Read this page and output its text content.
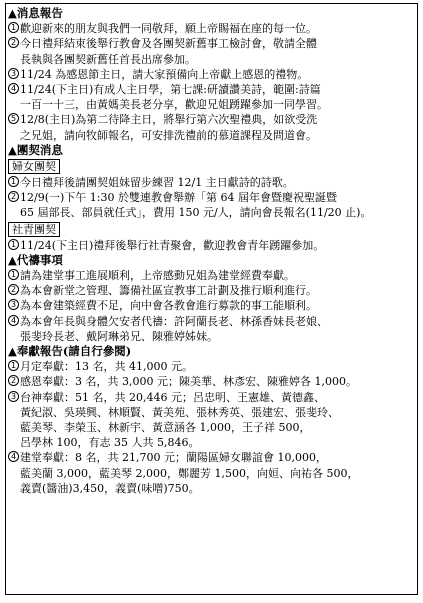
▲消息報告
1 歡迎新來的朋友與我們一同敬拜，願上帝賜福在座的每一位。
2 今日禮拜結束後舉行教會及各團契新舊事工檢討會，敬請全體
長執與各團契新舊任首長出席參加。
3 11/24 為感恩節主日，請大家預備向上帝獻上感恩的禮物。
4 11/24(下主日)有成人主日學，第七課:研讀讚美詩，範圍:詩篇
一百一十三，由黃媽美長老分享，歡迎兄姐踴躍參加一同學習。
5 12/8(主日)為第二待降主日，將舉行第六次聖禮典，如欲受洗
之兄姐，請向牧師報名，可安排洗禮前的慕道課程及問道會。
▲團契消息
婦女團契
1 今日禮拜後請團契姐妹留步練習 12/1 主日獻詩的詩歌。
2 12/9(一)下午 1:30 於雙連教會舉辦「第 64 屆年會暨慶祝聖誕暨
65 屆部長、部員就任式」，費用 150 元/人，請向會長報名(11/20 止)。
社青團契
1 11/24(下主日)禮拜後舉行社青聚會，歡迎教會青年踴躍參加。
▲代禱事項
1 請為建堂事工進展順利，上帝感動兄姐為建堂經費奉獻。
2 為本會新堂之管理、籌備社區宣教事工計劃及推行順利進行。
3 為本會建築經費不足，向中會各教會進行募款的事工能順利。
4 為本會年長與身體欠安者代禱：許阿蘭長老、林孫香妹長老娘、
張斐玲長老、戴阿琳弟兄、陳雅婷姊妹。
▲奉獻報告(請自行參閱)
1 月定奉獻：13 名，共 41,000 元。
2 感恩奉獻：3 名，共 3,000 元；陳美華、林彥宏、陳雅婷各 1,000。
3 台神奉獻：51 名，共 20,446 元；呂忠明、王憲雄、黃德鑫、
黃紀淑、吳瑛興、林順賢、黃美苑、張林秀英、張建宏、張斐玲、
藍美琴、李榮玉、林新宇、黃意涵各 1,000，王子祥 500，
呂學林 100，有志 35 人共 5,846。
4 建堂奉獻：8 名，共 21,700 元；蘭陽區婦女聯誼會 10,000，
藍美蘭 3,000，藍美琴 2,000，鄭麗芳 1,500，向姮、向祐各 500，
義賣(醬油)3,450，義賣(味噌)750。
